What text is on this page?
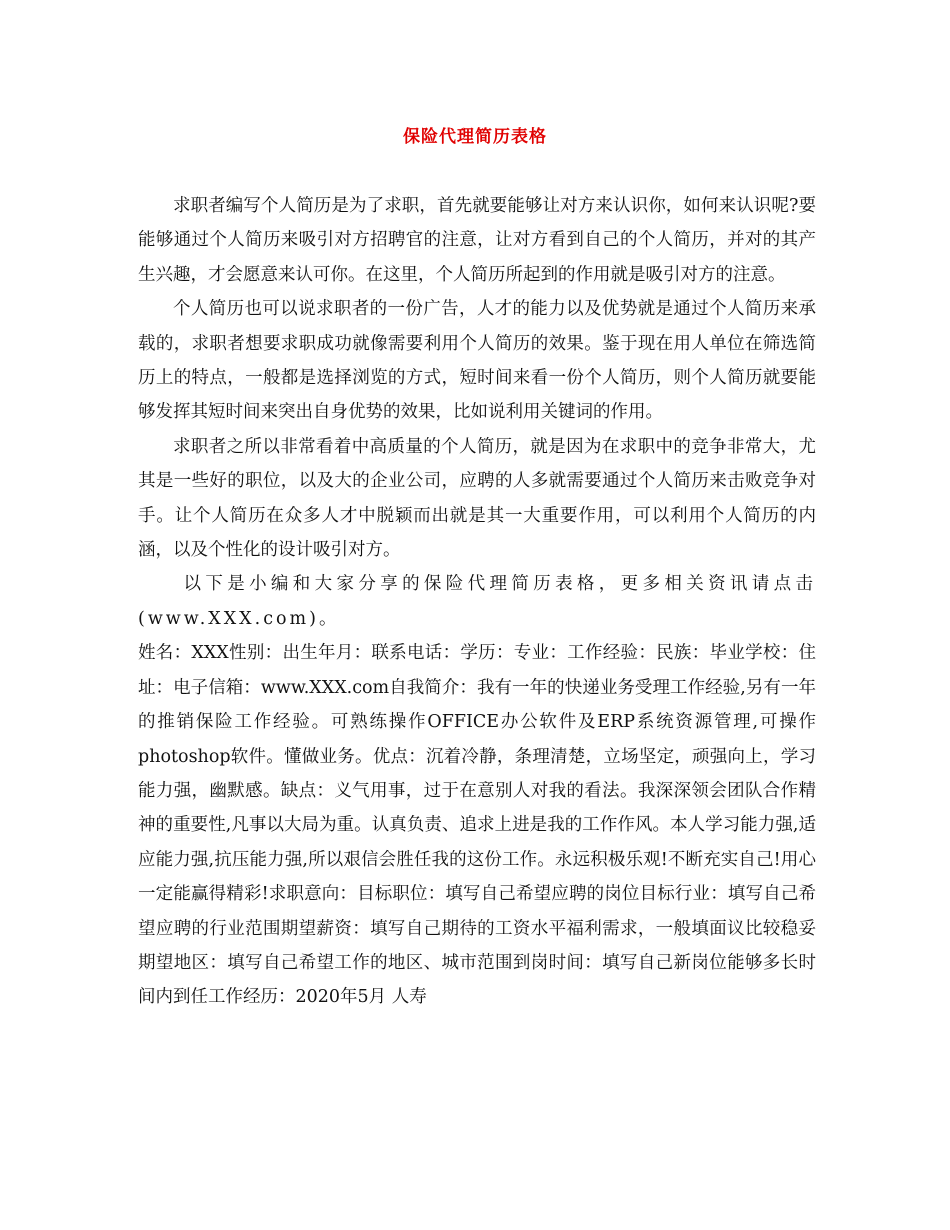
保险代理简历表格

求职者编写个人简历是为了求职，首先就要能够让对方来认识你，如何来认识呢?要能够通过个人简历来吸引对方招聘官的注意，让对方看到自己的个人简历，并对的其产生兴趣，才会愿意来认可你。在这里，个人简历所起到的作用就是吸引对方的注意。

个人简历也可以说求职者的一份广告，人才的能力以及优势就是通过个人简历来承载的，求职者想要求职成功就像需要利用个人简历的效果。鉴于现在用人单位在筛选简历上的特点，一般都是选择浏览的方式，短时间来看一份个人简历，则个人简历就要能够发挥其短时间来突出自身优势的效果，比如说利用关键词的作用。

求职者之所以非常看着中高质量的个人简历，就是因为在求职中的竞争非常大，尤其是一些好的职位，以及大的企业公司，应聘的人多就需要通过个人简历来击败竞争对手。让个人简历在众多人才中脱颖而出就是其一大重要作用，可以利用个人简历的内涵，以及个性化的设计吸引对方。

以下是小编和大家分享的保险代理简历表格，更多相关资讯请点击(www.XXX.com)。

姓名：XXX性别：出生年月：联系电话：学历：专业：工作经验：民族：毕业学校：住址：电子信箱：www.XXX.com自我简介：我有一年的快递业务受理工作经验,另有一年的推销保险工作经验。可熟练操作OFFICE办公软件及ERP系统资源管理,可操作photoshop软件。懂做业务。优点：沉着冷静，条理清楚，立场坚定，顽强向上，学习能力强，幽默感。缺点：义气用事，过于在意别人对我的看法。我深深领会团队合作精神的重要性,凡事以大局为重。认真负责、追求上进是我的工作作风。本人学习能力强,适应能力强,抗压能力强,所以艰信会胜任我的这份工作。永远积极乐观!不断充实自己!用心一定能赢得精彩!求职意向：目标职位：填写自己希望应聘的岗位目标行业：填写自己希望应聘的行业范围期望薪资：填写自己期待的工资水平福利需求，一般填面议比较稳妥期望地区：填写自己希望工作的地区、城市范围到岗时间：填写自己新岗位能够多长时间内到任工作经历：2020年5月 人寿
